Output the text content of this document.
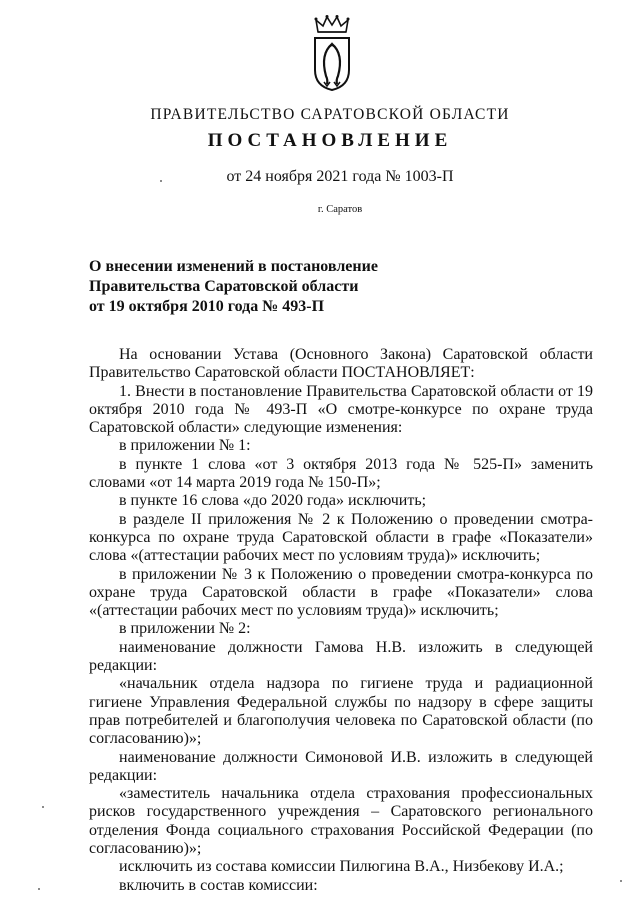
ПРАВИТЕЛЬСТВО САРАТОВСКОЙ ОБЛАСТИ
ПОСТАНОВЛЕНИЕ
от 24 ноября 2021 года № 1003-П
г. Саратов
О внесении изменений в постановление
Правительства Саратовской области
от 19 октября 2010 года № 493-П

На основании Устава (Основного Закона) Саратовской области Правительство Саратовской области ПОСТАНОВЛЯЕТ:

1. Внести в постановление Правительства Саратовской области от 19 октября 2010 года № 493-П «О смотре-конкурсе по охране труда Саратовской области» следующие изменения:

в приложении № 1:

в пункте 1 слова «от 3 октября 2013 года № 525-П» заменить словами «от 14 марта 2019 года № 150-П»;

в пункте 16 слова «до 2020 года» исключить;

в разделе II приложения № 2 к Положению о проведении смотра-конкурса по охране труда Саратовской области в графе «Показатели» слова «(аттестации рабочих мест по условиям труда)» исключить;

в приложении № 3 к Положению о проведении смотра-конкурса по охране труда Саратовской области в графе «Показатели» слова «(аттестации рабочих мест по условиям труда)» исключить;

в приложении № 2:

наименование должности Гамова Н.В. изложить в следующей редакции:

«начальник отдела надзора по гигиене труда и радиационной гигиене Управления Федеральной службы по надзору в сфере защиты прав потребителей и благополучия человека по Саратовской области (по согласованию)»;

наименование должности Симоновой И.В. изложить в следующей редакции:

«заместитель начальника отдела страхования профессиональных рисков государственного учреждения – Саратовского регионального отделения Фонда социального страхования Российской Федерации (по согласованию)»;

исключить из состава комиссии Пилюгина В.А., Низбекову И.А.;

включить в состав комиссии:
